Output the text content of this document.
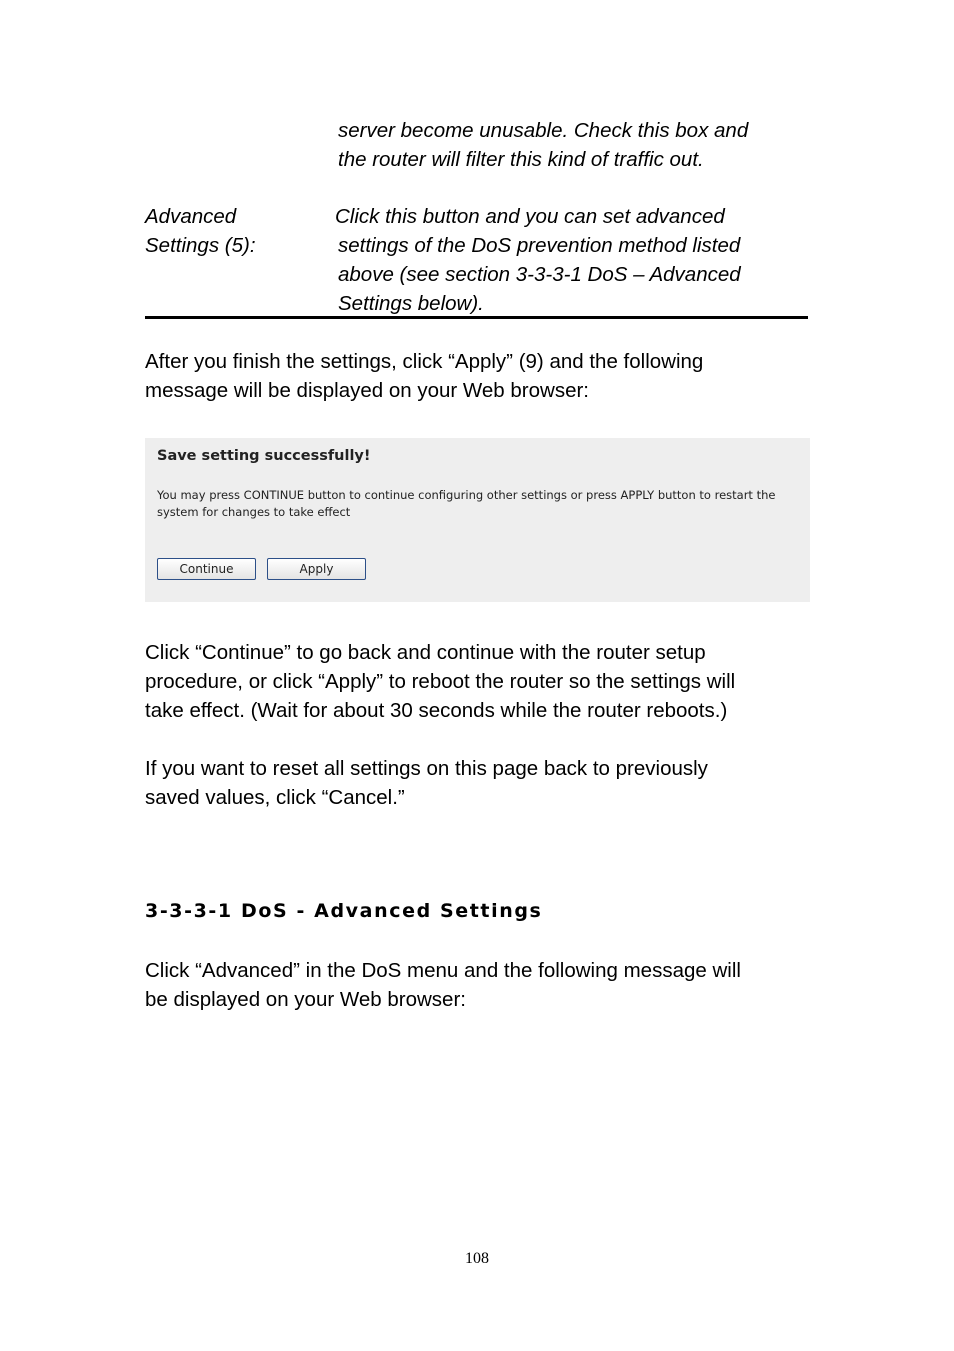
server become unusable. Check this box and
the router will filter this kind of traffic out.
Advanced
Settings (5):
Click this button and you can set advanced
settings of the DoS prevention method listed
above (see section 3-3-3-1 DoS – Advanced
Settings below).
After you finish the settings, click “Apply” (9) and the following
message will be displayed on your Web browser:
Save setting successfully!
You may press CONTINUE button to continue configuring other settings or press APPLY button to restart the
system for changes to take effect
Continue	Apply
Click “Continue” to go back and continue with the router setup
procedure, or click “Apply” to reboot the router so the settings will
take effect. (Wait for about 30 seconds while the router reboots.)
If you want to reset all settings on this page back to previously
saved values, click “Cancel.”
3-3-3-1 DoS - Advanced Settings
Click “Advanced” in the DoS menu and the following message will
be displayed on your Web browser:
108
